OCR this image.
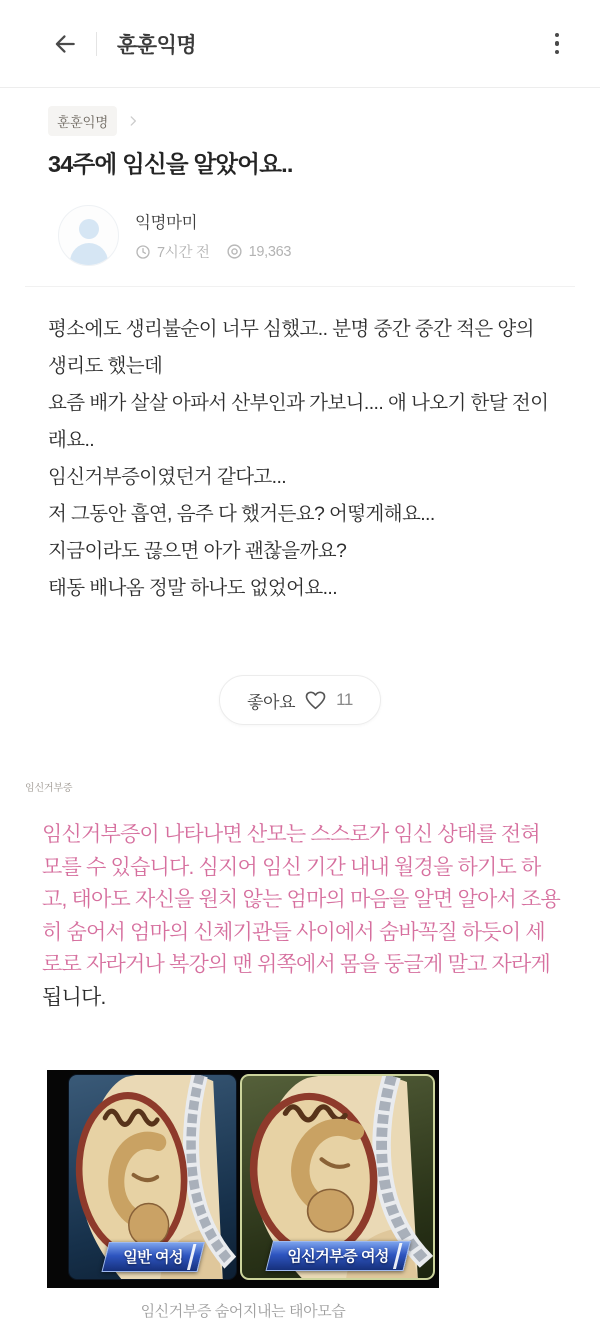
훈훈익명
훈훈익명
34주에 임신을 알았어요..
익명마미
7시간 전	19,363

평소에도 생리불순이 너무 심했고.. 분명 중간 중간 적은 양의 생리도 했는데

요즘 배가 살살 아파서 산부인과 가보니.... 애 나오기 한달 전이래요..

임신거부증이였던거 같다고...

저 그동안 흡연, 음주 다 했거든요? 어떻게해요...

지금이라도 끊으면 아가 괜찮을까요?

태동 배나옴 정말 하나도 없었어요...

좋아요 11
임신거부증

임신거부증이 나타나면 산모는 스스로가 임신 상태를 전혀 모를 수 있습니다. 심지어 임신 기간 내내 월경을 하기도 하고, 태아도 자신을 원치 않는 엄마의 마음을 알면 알아서 조용히 숨어서 엄마의 신체기관들 사이에서 숨바꼭질 하듯이 세로로 자라거나 복강의 맨 위쪽에서 몸을 둥글게 말고 자라게 됩니다.

일반 여성	임신거부증 여성
임신거부증 숨어지내는 태아모습
